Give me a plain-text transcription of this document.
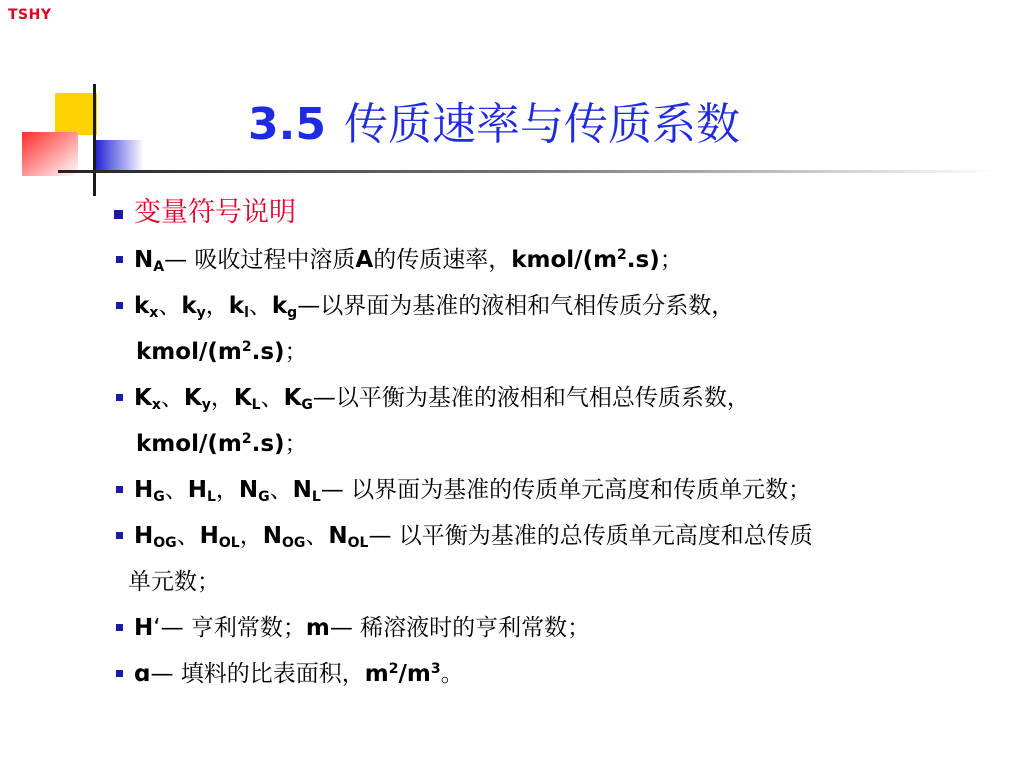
TSHY
3.5 传质速率与传质系数
变量符号说明
$N_A—$ 吸收过程中溶质A的传质速率，kmol/$(m^2.s)$；
$k_x$、$k_y$，$k_l$、$k_g—$以界面为基准的液相和气相传质分系数，
kmol/$(m^2.s)$；
$K_x$、$K_y$，$K_L$、$K_G—$以平衡为基准的液相和气相总传质系数，
kmol/$(m^2.s)$；
$H_G$、$H_L$，$N_G$、$N_L—$ 以界面为基准的传质单元高度和传质单元数；
$H_{OG}$、$H_{OL}$，$N_{OG}$、$N_{OL}—$ 以平衡为基准的总传质单元高度和总传质
单元数；
H‘— 亨利常数；m— 稀溶液时的亨利常数；
ɑ— 填料的比表面积，$m^2/m^3$。
